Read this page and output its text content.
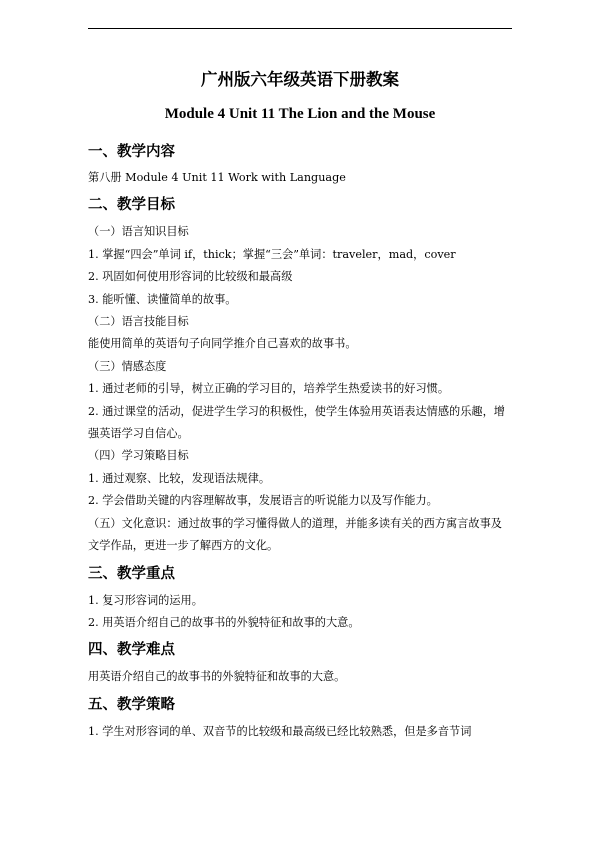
广州版六年级英语下册教案
Module 4 Unit 11 The Lion and the Mouse
一、教学内容
第八册 Module 4 Unit 11 Work with Language
二、教学目标
（一）语言知识目标
1. 掌握“四会”单词 if，thick；掌握“三会”单词：traveler，mad，cover
2. 巩固如何使用形容词的比较级和最高级
3. 能听懂、读懂简单的故事。
（二）语言技能目标
能使用简单的英语句子向同学推介自己喜欢的故事书。
（三）情感态度
1. 通过老师的引导，树立正确的学习目的，培养学生热爱读书的好习惯。
2. 通过课堂的活动，促进学生学习的积极性，使学生体验用英语表达情感的乐趣，增强英语学习自信心。
（四）学习策略目标
1. 通过观察、比较，发现语法规律。
2. 学会借助关键的内容理解故事，发展语言的听说能力以及写作能力。
（五）文化意识：通过故事的学习懂得做人的道理，并能多读有关的西方寓言故事及文学作品，更进一步了解西方的文化。
三、教学重点
1. 复习形容词的运用。
2. 用英语介绍自己的故事书的外貌特征和故事的大意。
四、教学难点
用英语介绍自己的故事书的外貌特征和故事的大意。
五、教学策略
1. 学生对形容词的单、双音节的比较级和最高级已经比较熟悉，但是多音节词
